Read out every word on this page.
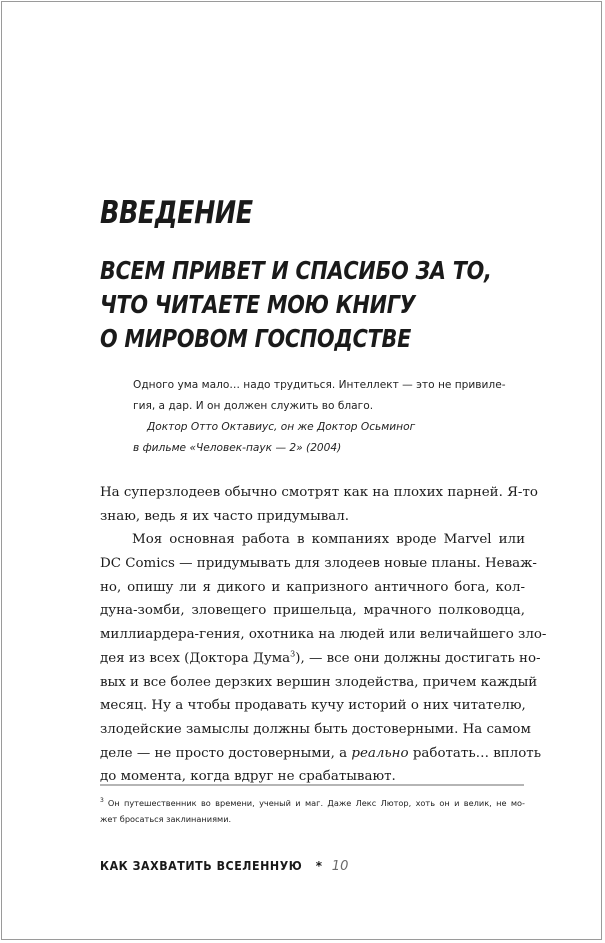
ВВЕДЕНИЕ
ВСЕМ ПРИВЕТ И СПАСИБО ЗА ТО,
ЧТО ЧИТАЕТЕ МОЮ КНИГУ
О МИРОВОМ ГОСПОДСТВЕ
Одного ума мало… надо трудиться. Интеллект — это не привиле-
гия, а дар. И он должен служить во благо.
Доктор Отто Октавиус, он же Доктор Осьминог
в фильме «Человек-паук — 2» (2004)
На суперзлодеев обычно смотрят как на плохих парней. Я-то
знаю, ведь я их часто придумывал.
Моя основная работа в компаниях вроде Marvel или
DC Comics — придумывать для злодеев новые планы. Неваж-
но, опишу ли я дикого и капризного античного бога, кол-
дуна-зомби, зловещего пришельца, мрачного полководца,
миллиардера-гения, охотника на людей или величайшего зло-
дея из всех (Доктора Дума$^3$), — все они должны достигать но-
вых и все более дерзких вершин злодейства, причем каждый
месяц. Ну а чтобы продавать кучу историй о них читателю,
злодейские замыслы должны быть достоверными. На самом
деле — не просто достоверными, а реально работать… вплоть
до момента, когда вдруг не срабатывают.
$^3$ Он путешественник во времени, ученый и маг. Даже Лекс Лютор, хоть он и велик, не мо-
жет бросаться заклинаниями.
КАК ЗАХВАТИТЬ ВСЕЛЕННУЮ * 10
